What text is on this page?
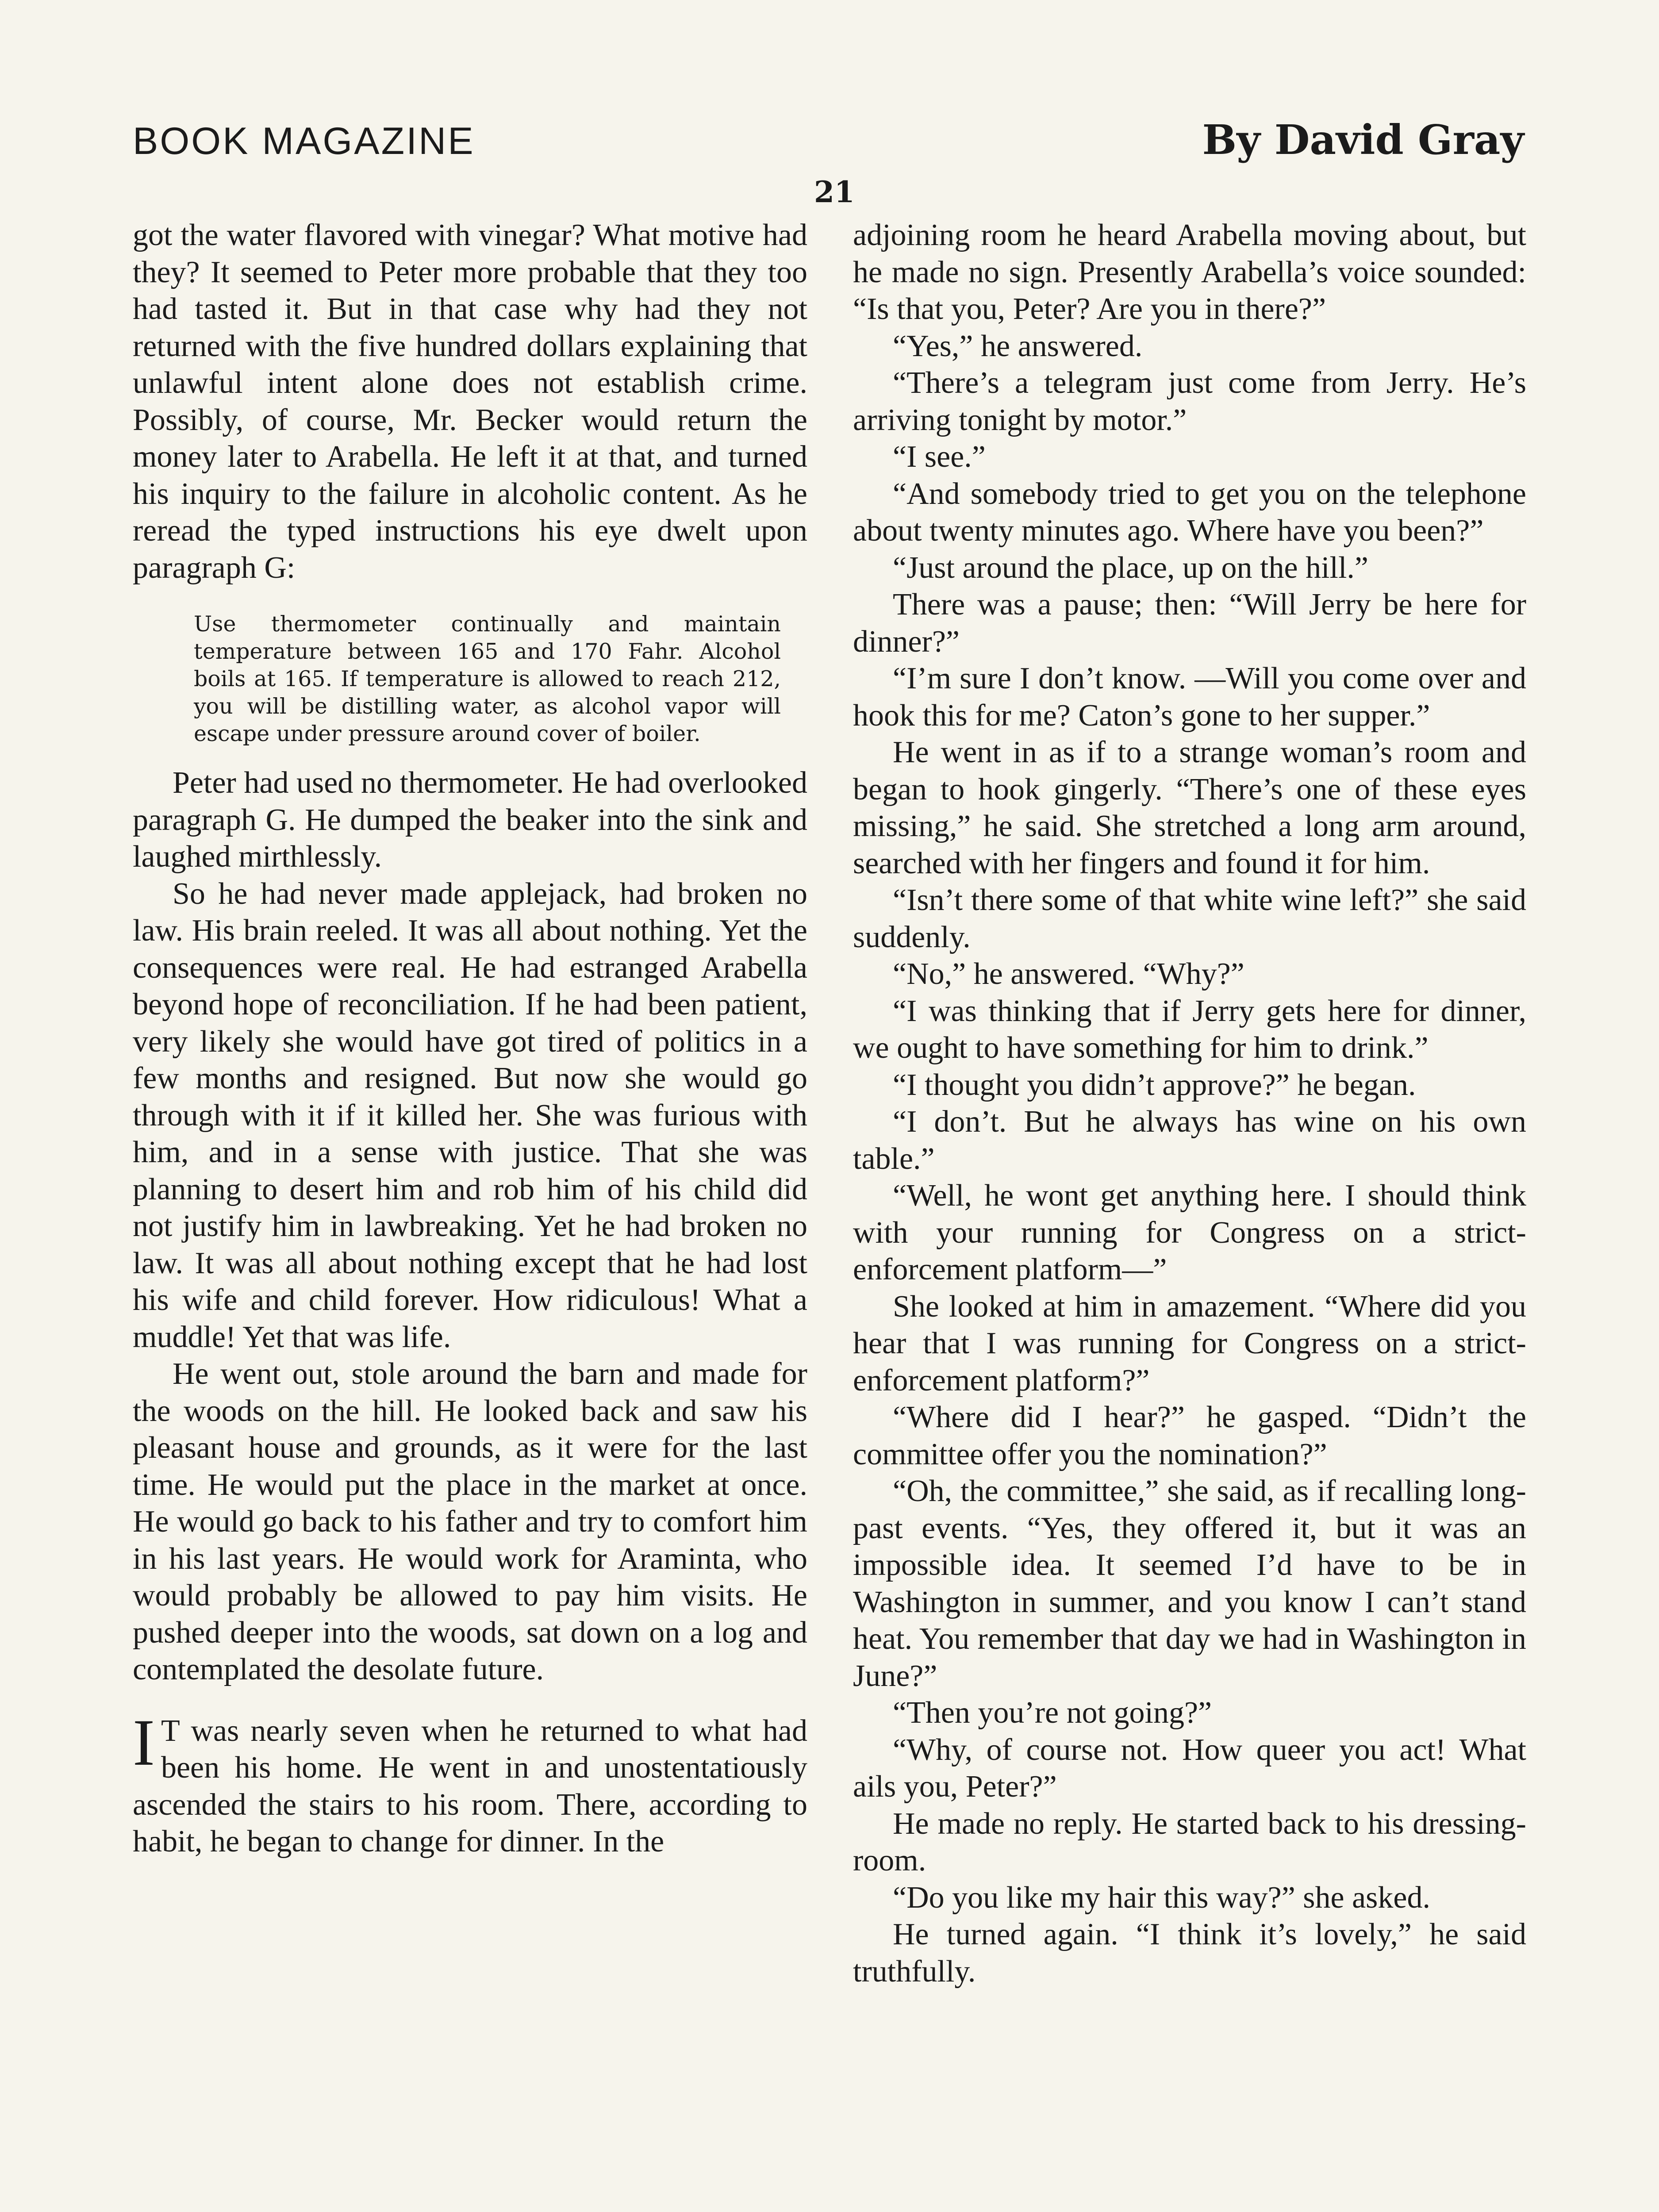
BOOK MAGAZINE	By David Gray
21

got the water flavored with vinegar? What motive had they? It seemed to Peter more probable that they too had tasted it. But in that case why had they not returned with the five hundred dollars explaining that unlawful intent alone does not establish crime. Possibly, of course, Mr. Becker would return the money later to Arabella. He left it at that, and turned his inquiry to the failure in alcoholic content. As he reread the typed instructions his eye dwelt upon paragraph G:

Use thermometer continually and maintain temperature between 165 and 170 Fahr. Alcohol boils at 165. If temperature is allowed to reach 212, you will be distilling water, as alcohol vapor will escape under pressure around cover of boiler.

Peter had used no thermometer. He had overlooked paragraph G. He dumped the beaker into the sink and laughed mirthlessly.

So he had never made applejack, had broken no law. His brain reeled. It was all about nothing. Yet the consequences were real. He had estranged Arabella beyond hope of reconciliation. If he had been patient, very likely she would have got tired of politics in a few months and resigned. But now she would go through with it if it killed her. She was furious with him, and in a sense with justice. That she was planning to desert him and rob him of his child did not justify him in lawbreaking. Yet he had broken no law. It was all about nothing except that he had lost his wife and child forever. How ridiculous! What a muddle! Yet that was life.

He went out, stole around the barn and made for the woods on the hill. He looked back and saw his pleasant house and grounds, as it were for the last time. He would put the place in the market at once. He would go back to his father and try to comfort him in his last years. He would work for Araminta, who would probably be allowed to pay him visits. He pushed deeper into the woods, sat down on a log and contemplated the desolate future.

I T was nearly seven when he returned to what had been his home. He went in and unostentatiously ascended the stairs to his room. There, according to habit, he began to change for dinner. In the

adjoining room he heard Arabella moving about, but he made no sign. Presently Arabella’s voice sounded: “Is that you, Peter? Are you in there?”

“Yes,” he answered.

“There’s a telegram just come from Jerry. He’s arriving tonight by motor.”

“I see.”

“And somebody tried to get you on the telephone about twenty minutes ago. Where have you been?”

“Just around the place, up on the hill.”

There was a pause; then: “Will Jerry be here for dinner?”

“I’m sure I don’t know. —Will you come over and hook this for me? Caton’s gone to her supper.”

He went in as if to a strange woman’s room and began to hook gingerly. “There’s one of these eyes missing,” he said. She stretched a long arm around, searched with her fingers and found it for him.

“Isn’t there some of that white wine left?” she said suddenly.

“No,” he answered. “Why?”

“I was thinking that if Jerry gets here for dinner, we ought to have something for him to drink.”

“I thought you didn’t approve?” he began.

“I don’t. But he always has wine on his own table.”

“Well, he wont get anything here. I should think with your running for Congress on a strict-enforcement platform—”

She looked at him in amazement. “Where did you hear that I was running for Congress on a strict-enforcement platform?”

“Where did I hear?” he gasped. “Didn’t the committee offer you the nomination?”

“Oh, the committee,” she said, as if recalling long-past events. “Yes, they offered it, but it was an impossible idea. It seemed I’d have to be in Washington in summer, and you know I can’t stand heat. You remember that day we had in Washington in June?”

“Then you’re not going?”

“Why, of course not. How queer you act! What ails you, Peter?”

He made no reply. He started back to his dressing-room.

“Do you like my hair this way?” she asked.

He turned again. “I think it’s lovely,” he said truthfully.
